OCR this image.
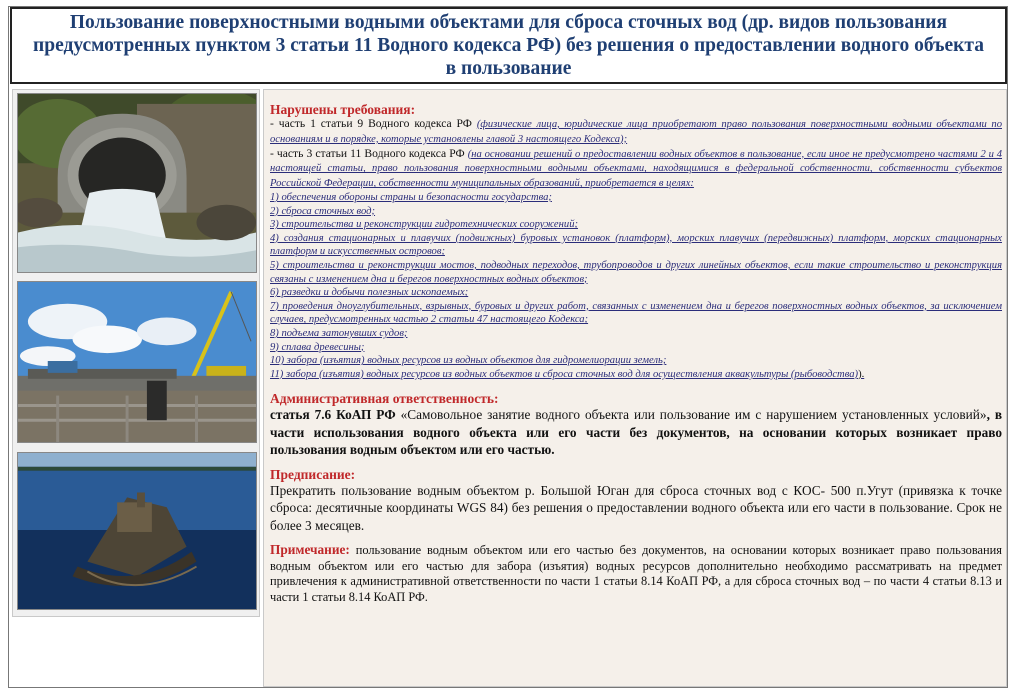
Пользование поверхностными водными объектами для сброса сточных вод (др. видов пользования предусмотренных пунктом 3 статьи 11 Водного кодекса РФ) без решения о предоставлении водного объекта в пользование
Нарушены требования:
- часть 1 статьи 9 Водного кодекса РФ (физические лица, юридические лица приобретают право пользования поверхностными водными объектами по основаниям и в порядке, которые установлены главой 3 настоящего Кодекса);
- часть 3 статьи 11 Водного кодекса РФ (на основании решений о предоставлении водных объектов в пользование, если иное не предусмотрено частями 2 и 4 настоящей статьи, право пользования поверхностными водными объектами, находящимися в федеральной собственности, собственности субъектов Российской Федерации, собственности муниципальных образований, приобретается в целях:
1) обеспечения обороны страны и безопасности государства;
2) сброса сточных вод;
3) строительства и реконструкции гидротехнических сооружений;
4) создания стационарных и плавучих (подвижных) буровых установок (платформ), морских плавучих (передвижных) платформ, морских стационарных платформ и искусственных островов;
5) строительства и реконструкции мостов, подводных переходов, трубопроводов и других линейных объектов, если такие строительство и реконструкция связаны с изменением дна и берегов поверхностных водных объектов;
6) разведки и добычи полезных ископаемых;
7) проведения дноуглубительных, взрывных, буровых и других работ, связанных с изменением дна и берегов поверхностных водных объектов, за исключением случаев, предусмотренных частью 2 статьи 47 настоящего Кодекса;
8) подъема затонувших судов;
9) сплава древесины;
10) забора (изъятия) водных ресурсов из водных объектов для гидромелиорации земель;
11) забора (изъятия) водных ресурсов из водных объектов и сброса сточных вод для осуществления аквакультуры (рыбоводства)).
Административная ответственность:
статья 7.6 КоАП РФ «Самовольное занятие водного объекта или пользование им с нарушением установленных условий», в части использования водного объекта или его части без документов, на основании которых возникает право пользования водным объектом или его частью.
Предписание:
Прекратить пользование водным объектом р. Большой Юган для сброса сточных вод с КОС- 500 п.Угут (привязка к точке сброса: десятичные координаты WGS 84) без решения о предоставлении водного объекта или его части в пользование. Срок не более 3 месяцев.
Примечание: пользование водным объектом или его частью без документов, на основании которых возникает право пользования водным объектом или его частью для забора (изъятия) водных ресурсов дополнительно необходимо рассматривать на предмет привлечения к административной ответственности по части 1 статьи 8.14 КоАП РФ, а для сброса сточных вод – по части 4 статьи 8.13 и части 1 статьи 8.14 КоАП РФ.
